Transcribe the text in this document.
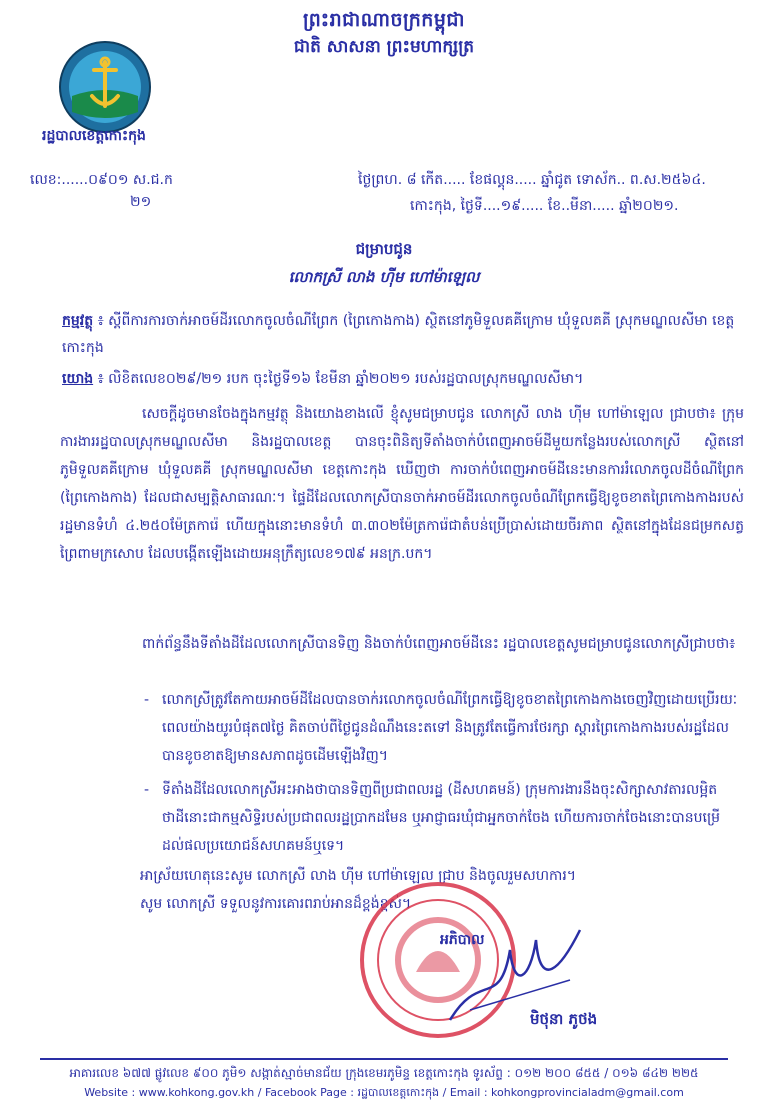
ព្រះរាជាណាចក្រកម្ពុជា
ជាតិ សាសនា ព្រះមហាក្សត្រ
រដ្ឋបាលខេត្តកោះកុង
លេខ:......០៩០១ ស.ជ.ក
២១
ថ្ងៃព្រហ. ៨ កើត..... ខែផល្គុន..... ឆ្នាំជូត ទោស័ក.. ព.ស.២៥៦៤.
កោះកុង, ថ្ងៃទី....១៩..... ខែ..មីនា..... ឆ្នាំ២០២១.
ជម្រាបជូន
លោកស្រី លាង ហ៊ីម ហៅម៉ាឡេល
កម្មវត្ថុ ៖ ស្តីពីការការចាក់អាចម៍ដីរលោកចូលចំណីព្រែក (ព្រៃកោងកាង) ស្ថិតនៅភូមិទួលគគីក្រោម ឃុំទួលគគី ស្រុកមណ្ឌលសីមា ខេត្តកោះកុង
យោង ៖ លិខិតលេខ០២៩/២១ របក ចុះថ្ងៃទី១៦ ខែមីនា ឆ្នាំ២០២១ របស់រដ្ឋបាលស្រុកមណ្ឌលសីមា។
សេចក្តីដូចមានចែងក្នុងកម្មវត្ថុ និងយោងខាងលើ ខ្ញុំសូមជម្រាបជូន លោកស្រី លាង ហ៊ីម ហៅម៉ាឡេល ជ្រាបថា៖ ក្រុមការងាររដ្ឋបាលស្រុកមណ្ឌលសីមា និងរដ្ឋបាលខេត្ត បានចុះពិនិត្យទីតាំងចាក់បំពេញអាចម៍ដីមួយកន្លែងរបស់លោកស្រី ស្ថិតនៅភូមិទួលគគីក្រោម ឃុំទួលគគី ស្រុកមណ្ឌលសីមា ខេត្តកោះកុង ឃើញថា ការចាក់បំពេញអាចម៍ដីនេះមានការរំលោភចូលដីចំណីព្រែក (ព្រៃកោងកាង) ដែលជាសម្បត្តិសាធារណៈ។ ផ្ទៃដីដែលលោកស្រីបានចាក់អាចម៍ដីរលោកចូលចំណីព្រែកធ្វើឱ្យខូចខាតព្រៃកោងកាងរបស់រដ្ឋមានទំហំ ៤.២៥០ម៉ែត្រការ៉េ ហើយក្នុងនោះមានទំហំ ៣.៣០២ម៉ែត្រការ៉េជាតំបន់ប្រើប្រាស់ដោយចីរភាព ស្ថិតនៅក្នុងដែនជម្រកសត្វព្រៃពាមក្រសោប ដែលបង្កើតឡើងដោយអនុក្រឹត្យលេខ១៧៩ អនក្រ.បក។
ពាក់ព័ន្ធនឹងទីតាំងដីដែលលោកស្រីបានទិញ និងចាក់បំពេញអាចម៍ដីនេះ រដ្ឋបាលខេត្តសូមជម្រាបជូនលោកស្រីជ្រាបថា៖
- លោកស្រីត្រូវតែកាយអាចម៍ដីដែលបានចាក់រលោកចូលចំណីព្រែកធ្វើឱ្យខូចខាតព្រៃកោងកាងចេញវិញដោយប្រើរយៈពេលយ៉ាងយូរបំផុត៧ថ្ងៃ គិតចាប់ពីថ្ងៃជូនដំណឹងនេះតទៅ និងត្រូវតែធ្វើការថែរក្សា ស្តារព្រៃកោងកាងរបស់រដ្ឋដែលបានខូចខាតឱ្យមានសភាពដូចដើមឡើងវិញ។
- ទីតាំងដីដែលលោកស្រីអះអាងថាបានទិញពីប្រជាពលរដ្ឋ (ដីសហគមន៍) ក្រុមការងារនឹងចុះសិក្សាសាវតារលម្អិត ថាដីនោះជាកម្មសិទ្ធិរបស់ប្រជាពលរដ្ឋប្រាកដមែន ឬអាជ្ញាធរឃុំជាអ្នកចាក់ចែង ហើយការចាក់ចែងនោះបានបម្រើដល់ផលប្រយោជន៍សហគមន៍ឬទេ។
អាស្រ័យហេតុនេះសូម លោកស្រី លាង ហ៊ីម ហៅម៉ាឡេល ជ្រាប និងចូលរួមសហការ។
សូម លោកស្រី ទទួលនូវការគោរពរាប់អានដ៏ខ្ពង់ខ្ពស់។
អភិបាល
មិថុនា ភូថង
អាគារលេខ ៦៧៧ ផ្លូវលេខ ៩០០ ភូមិ១ សង្កាត់ស្មាច់មានជ័យ ក្រុងខេមរភូមិន្ទ ខេត្តកោះកុង ទូរស័ព្ទ : ០១២ ២០០ ៨៥៥ / ០១៦ ៨៤២ ២២៥
Website : www.kohkong.gov.kh / Facebook Page : រដ្ឋបាលខេត្តកោះកុង / Email : kohkongprovincialadm@gmail.com
